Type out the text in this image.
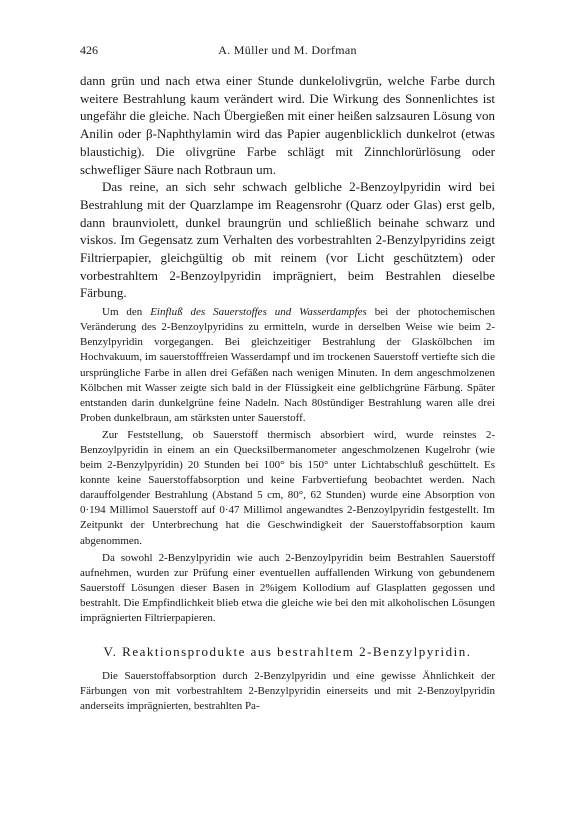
426	A. Müller und M. Dorfman

dann grün und nach etwa einer Stunde dunkelolivgrün, welche Farbe durch weitere Bestrahlung kaum verändert wird. Die Wirkung des Sonnenlichtes ist ungefähr die gleiche. Nach Übergießen mit einer heißen salzsauren Lösung von Anilin oder β-Naphthylamin wird das Papier augenblicklich dunkelrot (etwas blaustichig). Die olivgrüne Farbe schlägt mit Zinnchlorürlösung oder schwefliger Säure nach Rotbraun um.

Das reine, an sich sehr schwach gelbliche 2-Benzoylpyridin wird bei Bestrahlung mit der Quarzlampe im Reagensrohr (Quarz oder Glas) erst gelb, dann braunviolett, dunkel braungrün und schließlich beinahe schwarz und viskos. Im Gegensatz zum Verhalten des vorbestrahlten 2-Benzylpyridins zeigt Filtrierpapier, gleichgültig ob mit reinem (vor Licht geschütztem) oder vorbestrahltem 2-Benzoylpyridin imprägniert, beim Bestrahlen dieselbe Färbung.

Um den Einfluß des Sauerstoffes und Wasserdampfes bei der photochemischen Veränderung des 2-Benzoylpyridins zu ermitteln, wurde in derselben Weise wie beim 2-Benzylpyridin vorgegangen. Bei gleichzeitiger Bestrahlung der Glaskölbchen im Hochvakuum, im sauerstofffreien Wasserdampf und im trockenen Sauerstoff vertiefte sich die ursprüngliche Farbe in allen drei Gefäßen nach wenigen Minuten. In dem angeschmolzenen Kölbchen mit Wasser zeigte sich bald in der Flüssigkeit eine gelblichgrüne Färbung. Später entstanden darin dunkelgrüne feine Nadeln. Nach 80stündiger Bestrahlung waren alle drei Proben dunkelbraun, am stärksten unter Sauerstoff.

Zur Feststellung, ob Sauerstoff thermisch absorbiert wird, wurde reinstes 2-Benzoylpyridin in einem an ein Quecksilbermanometer angeschmolzenen Kugelrohr (wie beim 2-Benzylpyridin) 20 Stunden bei 100° bis 150° unter Lichtabschluß geschüttelt. Es konnte keine Sauerstoffabsorption und keine Farbvertiefung beobachtet werden. Nach darauffolgender Bestrahlung (Abstand 5 cm, 80°, 62 Stunden) wurde eine Absorption von 0·194 Millimol Sauerstoff auf 0·47 Millimol angewandtes 2-Benzoylpyridin festgestellt. Im Zeitpunkt der Unterbrechung hat die Geschwindigkeit der Sauerstoffabsorption kaum abgenommen.

Da sowohl 2-Benzylpyridin wie auch 2-Benzoylpyridin beim Bestrahlen Sauerstoff aufnehmen, wurden zur Prüfung einer eventuellen auffallenden Wirkung von gebundenem Sauerstoff Lösungen dieser Basen in 2%igem Kollodium auf Glasplatten gegossen und bestrahlt. Die Empfindlichkeit blieb etwa die gleiche wie bei den mit alkoholischen Lösungen imprägnierten Filtrierpapieren.

V. Reaktionsprodukte aus bestrahltem 2-Benzylpyridin.

Die Sauerstoffabsorption durch 2-Benzylpyridin und eine gewisse Ähnlichkeit der Färbungen von mit vorbestrahltem 2-Benzylpyridin einerseits und mit 2-Benzoylpyridin anderseits imprägnierten, bestrahlten Pa-
